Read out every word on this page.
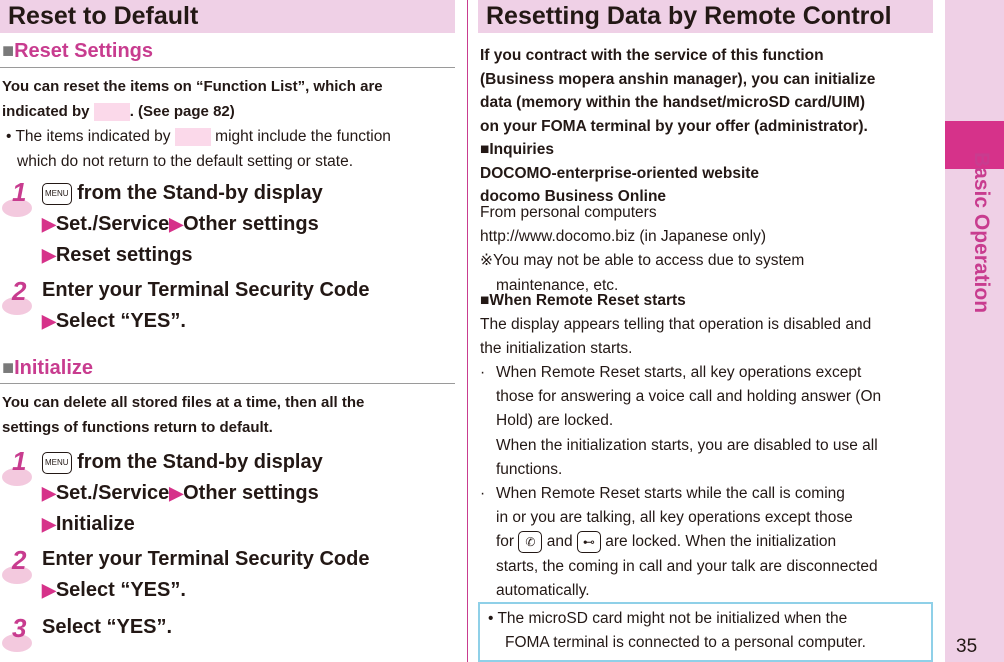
Reset to Default
■Reset Settings
You can reset the items on “Function List”, which are
indicated by	. (See page 82)
• The items indicated by	might include the function
which do not return to the default setting or state.
1	MENU from the Stand-by display
▶Set./Service▶Other settings
▶Reset settings
2 Enter your Terminal Security Code
▶Select “YES”.
■Initialize
You can delete all stored files at a time, then all the
settings of functions return to default.
1	MENU from the Stand-by display
▶Set./Service▶Other settings
▶Initialize
2 Enter your Terminal Security Code
▶Select “YES”.
3 Select “YES”.
Resetting Data by Remote Control
If you contract with the service of this function
(Business mopera anshin manager), you can initialize
data (memory within the handset/microSD card/UIM)
on your FOMA terminal by your offer (administrator).
■Inquiries
DOCOMO-enterprise-oriented website
docomo Business Online
From personal computers
http://www.docomo.biz (in Japanese only)
※You may not be able to access due to system
maintenance, etc.
■When Remote Reset starts
The display appears telling that operation is disabled and
the initialization starts.
· When Remote Reset starts, all key operations except
those for answering a voice call and holding answer (On
Hold) are locked.
When the initialization starts, you are disabled to use all
functions.
· When Remote Reset starts while the call is coming
in or you are talking, all key operations except those
for ✆ and ⊷ are locked. When the initialization
starts, the coming in call and your talk are disconnected
automatically.
• The microSD card might not be initialized when the
FOMA terminal is connected to a personal computer.
Basic Operation
35
